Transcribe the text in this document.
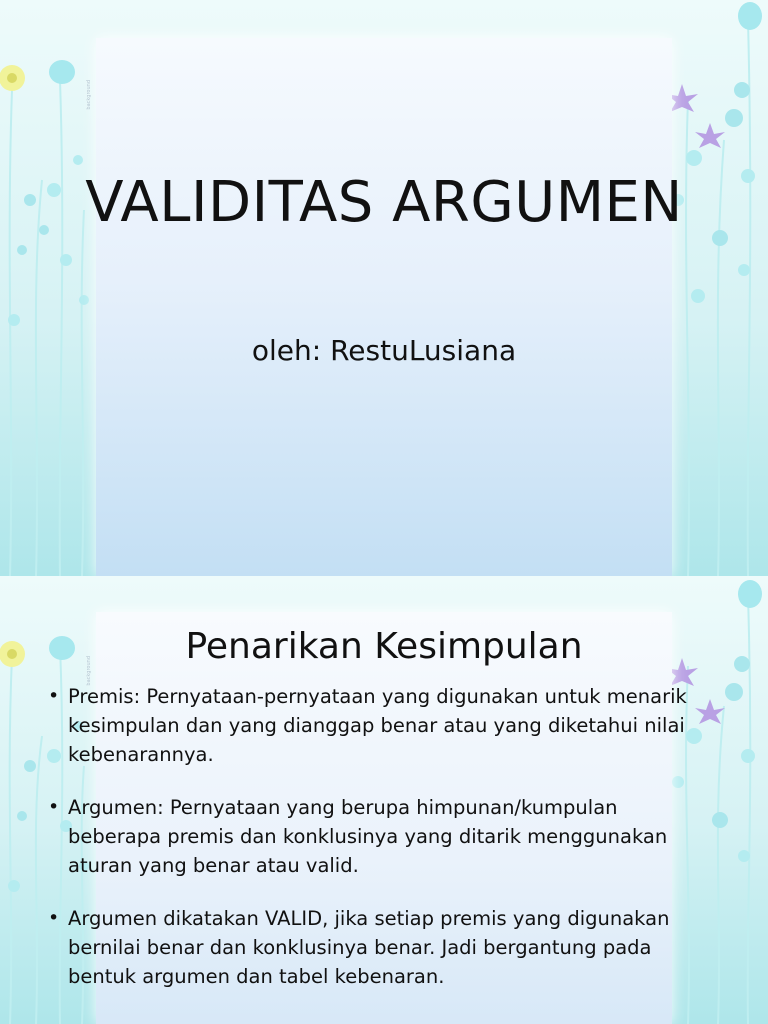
background
VALIDITAS ARGUMEN

oleh: RestuLusiana

background
Penarikan Kesimpulan
• Premis: Pernyataan-pernyataan yang digunakan untuk menarik kesimpulan dan yang dianggap benar atau yang diketahui nilai kebenarannya.
• Argumen: Pernyataan yang berupa himpunan/kumpulan beberapa premis dan konklusinya yang ditarik menggunakan aturan yang benar atau valid.
• Argumen dikatakan VALID, jika setiap premis yang digunakan bernilai benar dan konklusinya benar. Jadi bergantung pada bentuk argumen dan tabel kebenaran.
